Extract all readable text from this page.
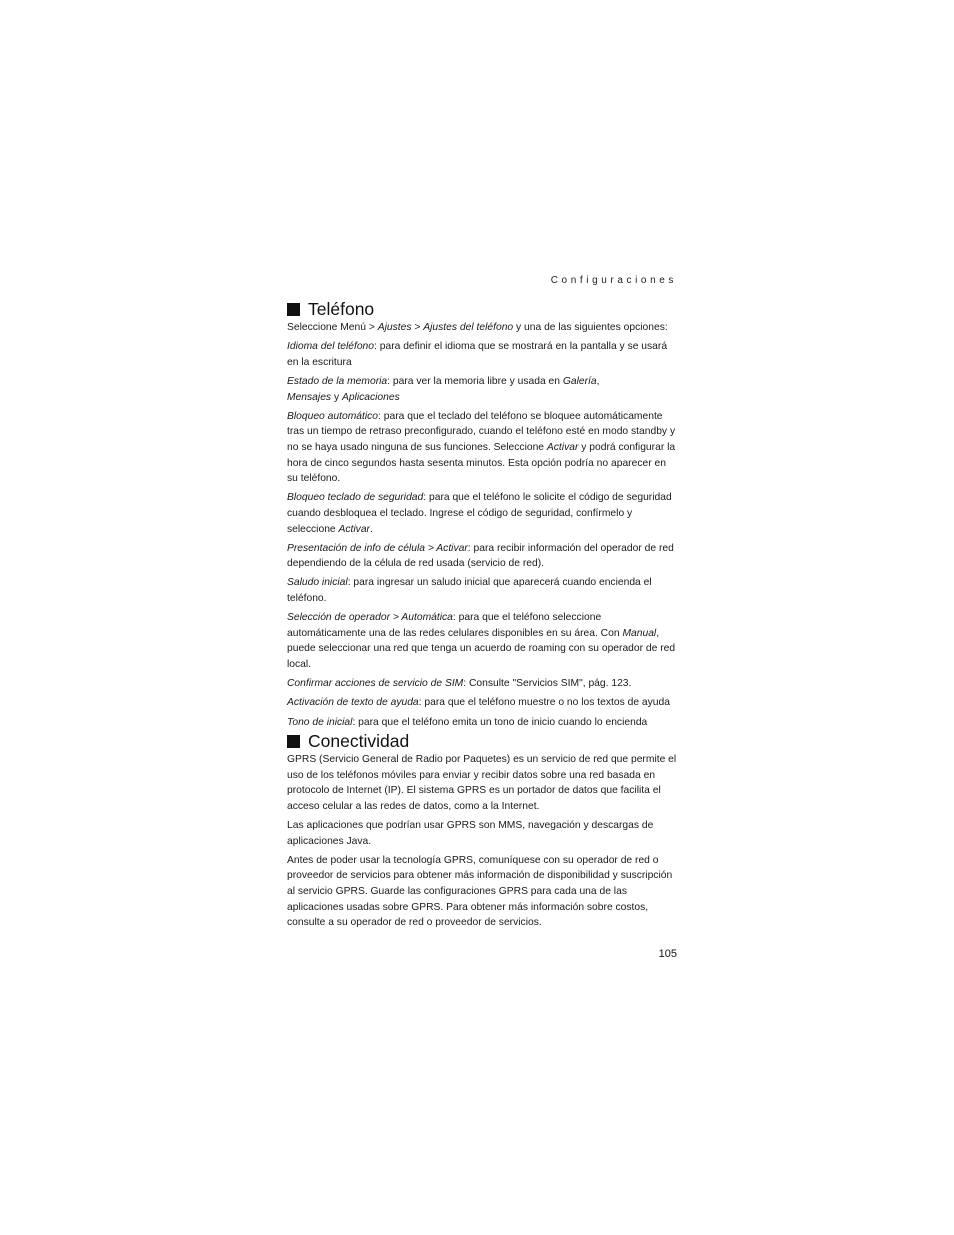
Configuraciones
Teléfono

Seleccione Menú > Ajustes > Ajustes del teléfono y una de las siguientes opciones:

Idioma del teléfono: para definir el idioma que se mostrará en la pantalla y se usará en la escritura

Estado de la memoria: para ver la memoria libre y usada en Galería,
Mensajes y Aplicaciones

Bloqueo automático: para que el teclado del teléfono se bloquee automáticamente tras un tiempo de retraso preconfigurado, cuando el teléfono esté en modo standby y no se haya usado ninguna de sus funciones. Seleccione Activar y podrá configurar la hora de cinco segundos hasta sesenta minutos. Esta opción podría no aparecer en su teléfono.

Bloqueo teclado de seguridad: para que el teléfono le solicite el código de seguridad cuando desbloquea el teclado. Ingrese el código de seguridad, confírmelo y seleccione Activar.

Presentación de info de célula > Activar: para recibir información del operador de red dependiendo de la célula de red usada (servicio de red).

Saludo inicial: para ingresar un saludo inicial que aparecerá cuando encienda el teléfono.

Selección de operador > Automática: para que el teléfono seleccione automáticamente una de las redes celulares disponibles en su área. Con Manual, puede seleccionar una red que tenga un acuerdo de roaming con su operador de red local.

Confirmar acciones de servicio de SIM: Consulte "Servicios SIM", pág. 123.

Activación de texto de ayuda: para que el teléfono muestre o no los textos de ayuda

Tono de inicial: para que el teléfono emita un tono de inicio cuando lo encienda

Conectividad

GPRS (Servicio General de Radio por Paquetes) es un servicio de red que permite el uso de los teléfonos móviles para enviar y recibir datos sobre una red basada en protocolo de Internet (IP). El sistema GPRS es un portador de datos que facilita el acceso celular a las redes de datos, como a la Internet.

Las aplicaciones que podrían usar GPRS son MMS, navegación y descargas de aplicaciones Java.

Antes de poder usar la tecnología GPRS, comuníquese con su operador de red o proveedor de servicios para obtener más información de disponibilidad y suscripción al servicio GPRS. Guarde las configuraciones GPRS para cada una de las aplicaciones usadas sobre GPRS. Para obtener más información sobre costos, consulte a su operador de red o proveedor de servicios.

105
